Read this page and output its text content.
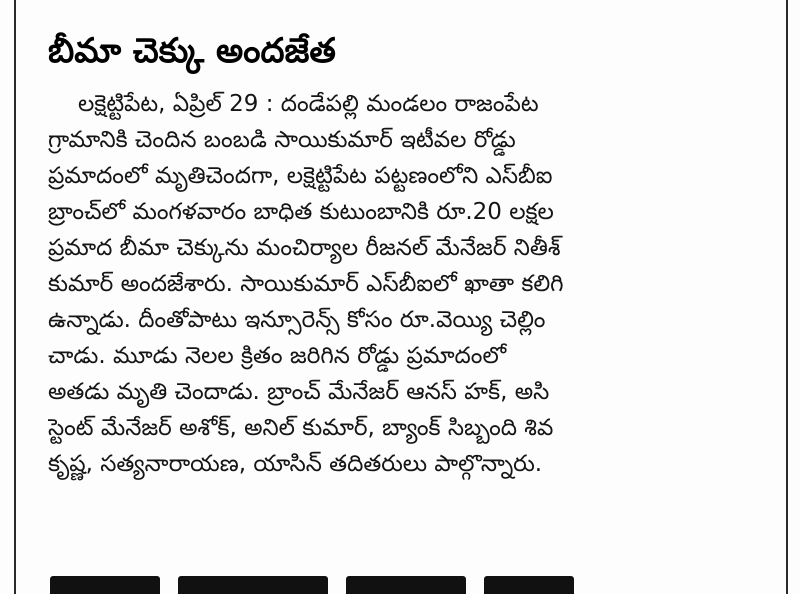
బీమా చెక్కు అందజేత
లక్షెట్టిపేట, ఏప్రిల్ 29 : దండేపల్లి మండలం రాజంపేట
గ్రామానికి చెందిన బంబడి సాయికుమార్ ఇటీవల రోడ్డు
ప్రమాదంలో మృతిచెందగా, లక్షెట్టిపేట పట్టణంలోని ఎస్‌బీఐ
బ్రాంచ్‌లో మంగళవారం బాధిత కుటుంబానికి రూ.20 లక్షల
ప్రమాద బీమా చెక్కును మంచిర్యాల రీజనల్ మేనేజర్ నితీశ్
కుమార్ అందజేశారు. సాయికుమార్ ఎస్‌బీఐలో ఖాతా కలిగి
ఉన్నాడు. దీంతోపాటు ఇన్సూరెన్స్ కోసం రూ.వెయ్యి చెల్లిం
చాడు. మూడు నెలల క్రితం జరిగిన రోడ్డు ప్రమాదంలో
అతడు మృతి చెందాడు. బ్రాంచ్ మేనేజర్ ఆనస్ హక్, అసి
స్టెంట్ మేనేజర్ అశోక్, అనిల్ కుమార్, బ్యాంక్ సిబ్బంది శివ
కృష్ణ, సత్యనారాయణ, యాసిన్ తదితరులు పాల్గొన్నారు.
